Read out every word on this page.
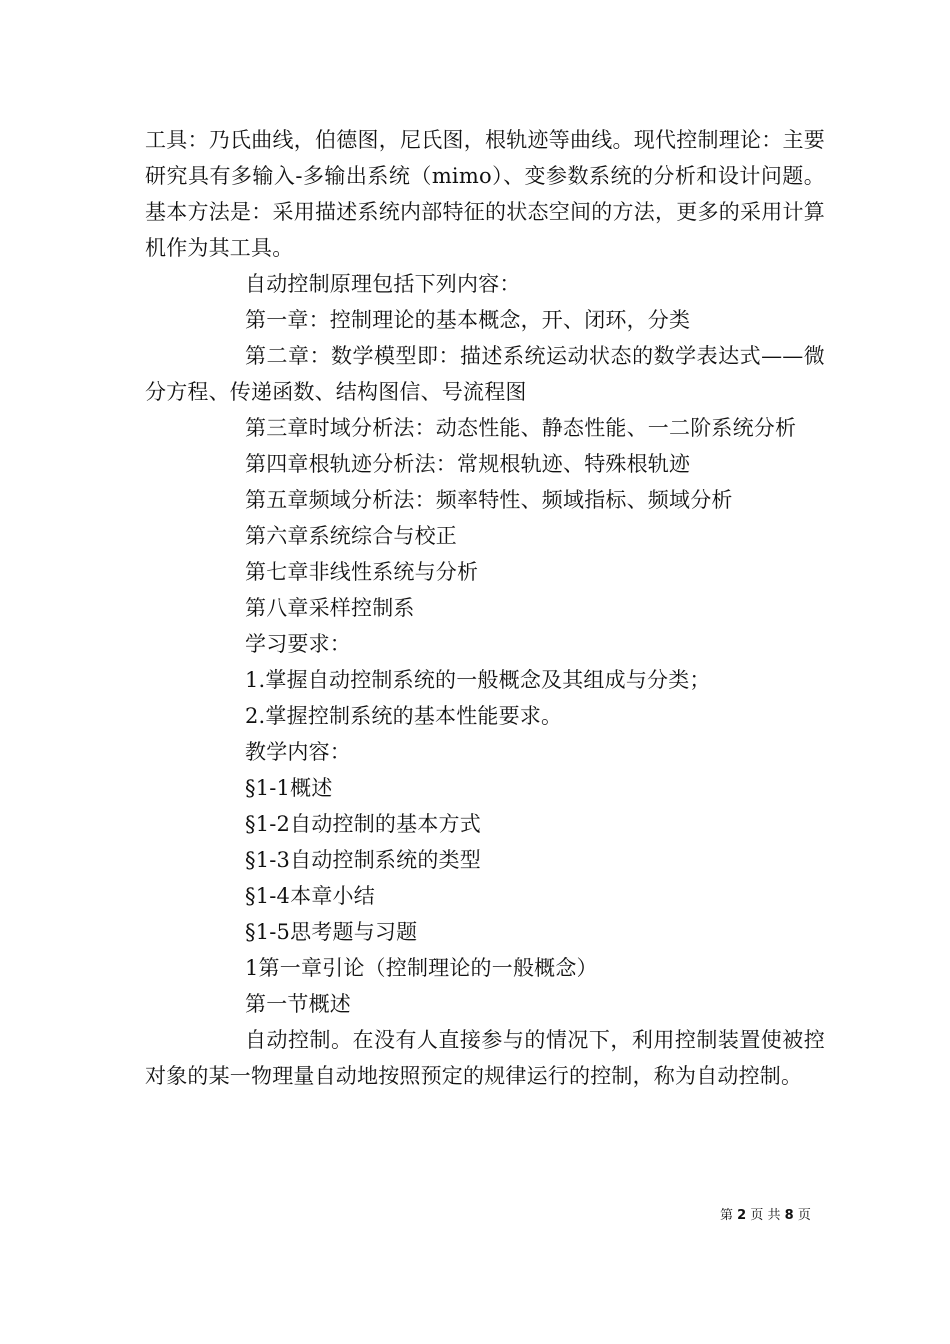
工具：乃氏曲线，伯德图，尼氏图，根轨迹等曲线。现代控制理论：主要研究具有多输入-多输出系统（mimo）、变参数系统的分析和设计问题。基本方法是：采用描述系统内部特征的状态空间的方法，更多的采用计算机作为其工具。

自动控制原理包括下列内容：

第一章：控制理论的基本概念，开、闭环，分类

第二章：数学模型即：描述系统运动状态的数学表达式——微分方程、传递函数、结构图信、号流程图

第三章时域分析法：动态性能、静态性能、一二阶系统分析

第四章根轨迹分析法：常规根轨迹、特殊根轨迹

第五章频域分析法：频率特性、频域指标、频域分析

第六章系统综合与校正

第七章非线性系统与分析

第八章采样控制系

学习要求：

1.掌握自动控制系统的一般概念及其组成与分类；

2.掌握控制系统的基本性能要求。

教学内容：

§1-1概述

§1-2自动控制的基本方式

§1-3自动控制系统的类型

§1-4本章小结

§1-5思考题与习题

1第一章引论（控制理论的一般概念）

第一节概述

自动控制。在没有人直接参与的情况下，利用控制装置使被控对象的某一物理量自动地按照预定的规律运行的控制，称为自动控制。

第 2 页 共 8 页
